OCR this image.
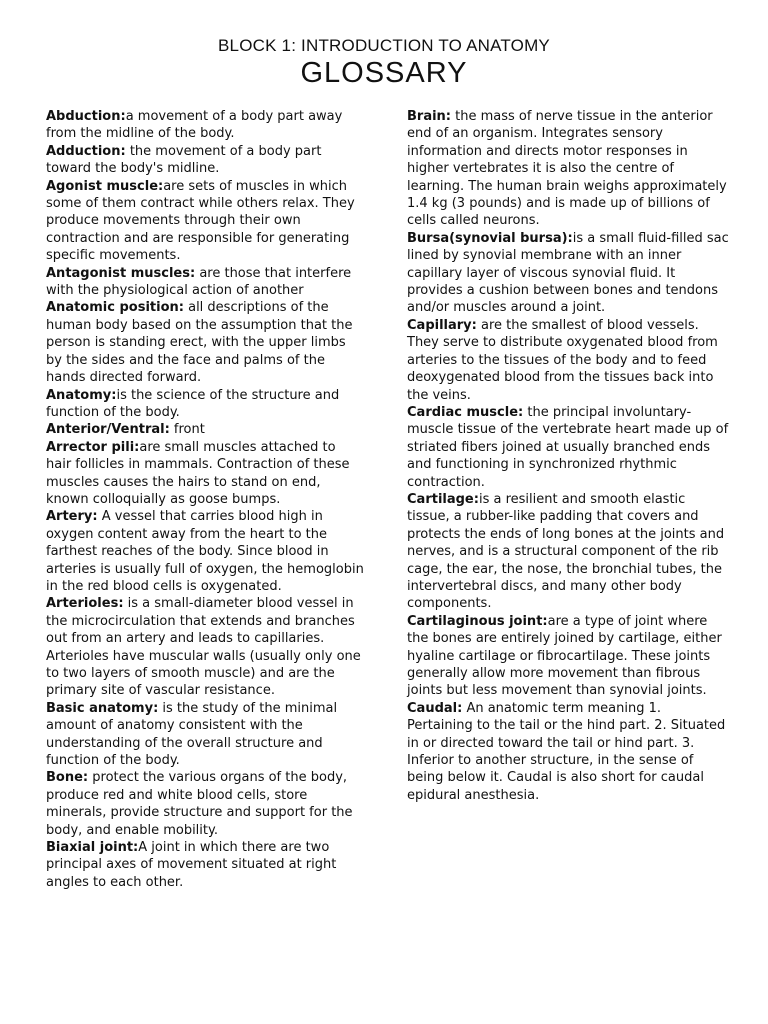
BLOCK 1: INTRODUCTION TO ANATOMY
GLOSSARY

Abduction:a movement of a body part away from the midline of the body.

Adduction: the movement of a body part toward the body's midline.

Agonist muscle:are sets of muscles in which some of them contract while others relax. They produce movements through their own contraction and are responsible for generating specific movements.

Antagonist muscles: are those that interfere with the physiological action of another

Anatomic position: all descriptions of the human body based on the assumption that the person is standing erect, with the upper limbs by the sides and the face and palms of the hands directed forward.

Anatomy:is the science of the structure and function of the body.

Anterior/Ventral: front

Arrector pili:are small muscles attached to hair follicles in mammals. Contraction of these muscles causes the hairs to stand on end, known colloquially as goose bumps.

Artery: A vessel that carries blood high in oxygen content away from the heart to the farthest reaches of the body. Since blood in arteries is usually full of oxygen, the hemoglobin in the red blood cells is oxygenated.

Arterioles: is a small-diameter blood vessel in the microcirculation that extends and branches out from an artery and leads to capillaries. Arterioles have muscular walls (usually only one to two layers of smooth muscle) and are the primary site of vascular resistance.

Basic anatomy: is the study of the minimal amount of anatomy consistent with the understanding of the overall structure and function of the body.

Bone: protect the various organs of the body, produce red and white blood cells, store minerals, provide structure and support for the body, and enable mobility.

Biaxial joint:A joint in which there are two principal axes of movement situated at right angles to each other.

Brain: the mass of nerve tissue in the anterior end of an organism. Integrates sensory information and directs motor responses in higher vertebrates it is also the centre of learning. The human brain weighs approximately 1.4 kg (3 pounds) and is made up of billions of cells called neurons.

Bursa(synovial bursa):is a small fluid-filled sac lined by synovial membrane with an inner capillary layer of viscous synovial fluid. It provides a cushion between bones and tendons and/or muscles around a joint.

Capillary: are the smallest of blood vessels. They serve to distribute oxygenated blood from arteries to the tissues of the body and to feed deoxygenated blood from the tissues back into the veins.

Cardiac muscle: the principal involuntary-muscle tissue of the vertebrate heart made up of striated fibers joined at usually branched ends and functioning in synchronized rhythmic contraction.

Cartilage:is a resilient and smooth elastic tissue, a rubber-like padding that covers and protects the ends of long bones at the joints and nerves, and is a structural component of the rib cage, the ear, the nose, the bronchial tubes, the intervertebral discs, and many other body components.

Cartilaginous joint:are a type of joint where the bones are entirely joined by cartilage, either hyaline cartilage or fibrocartilage. These joints generally allow more movement than fibrous joints but less movement than synovial joints.

Caudal: An anatomic term meaning 1. Pertaining to the tail or the hind part. 2. Situated in or directed toward the tail or hind part. 3. Inferior to another structure, in the sense of being below it. Caudal is also short for caudal epidural anesthesia.
